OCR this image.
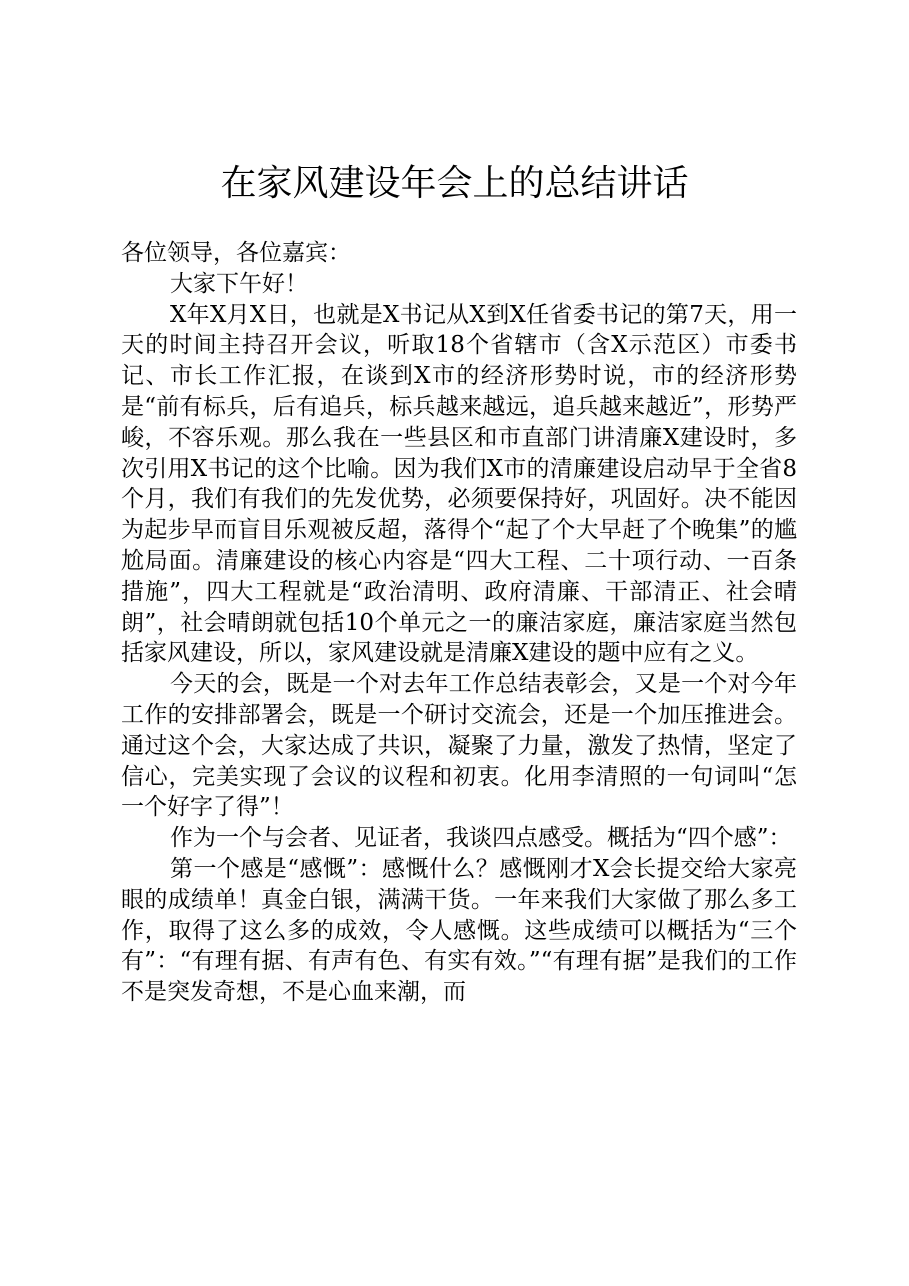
在家风建设年会上的总结讲话

各位领导，各位嘉宾：

大家下午好！

X年X月X日，也就是X书记从X到X任省委书记的第7天，用一天的时间主持召开会议，听取18个省辖市（含X示范区）市委书记、市长工作汇报，在谈到X市的经济形势时说，市的经济形势是“前有标兵，后有追兵，标兵越来越远，追兵越来越近”，形势严峻，不容乐观。那么我在一些县区和市直部门讲清廉X建设时，多次引用X书记的这个比喻。因为我们X市的清廉建设启动早于全省8个月，我们有我们的先发优势，必须要保持好，巩固好。决不能因为起步早而盲目乐观被反超，落得个“起了个大早赶了个晚集”的尴尬局面。清廉建设的核心内容是“四大工程、二十项行动、一百条措施”，四大工程就是“政治清明、政府清廉、干部清正、社会晴朗”，社会晴朗就包括10个单元之一的廉洁家庭，廉洁家庭当然包括家风建设，所以，家风建设就是清廉X建设的题中应有之义。

今天的会，既是一个对去年工作总结表彰会，又是一个对今年工作的安排部署会，既是一个研讨交流会，还是一个加压推进会。通过这个会，大家达成了共识，凝聚了力量，激发了热情，坚定了信心，完美实现了会议的议程和初衷。化用李清照的一句词叫“怎一个好字了得”！

作为一个与会者、见证者，我谈四点感受。概括为“四个感”：

第一个感是“感慨”：感慨什么？感慨刚才X会长提交给大家亮眼的成绩单！真金白银，满满干货。一年来我们大家做了那么多工作，取得了这么多的成效，令人感慨。这些成绩可以概括为“三个有”：“有理有据、有声有色、有实有效。”“有理有据”是我们的工作不是突发奇想，不是心血来潮，而
